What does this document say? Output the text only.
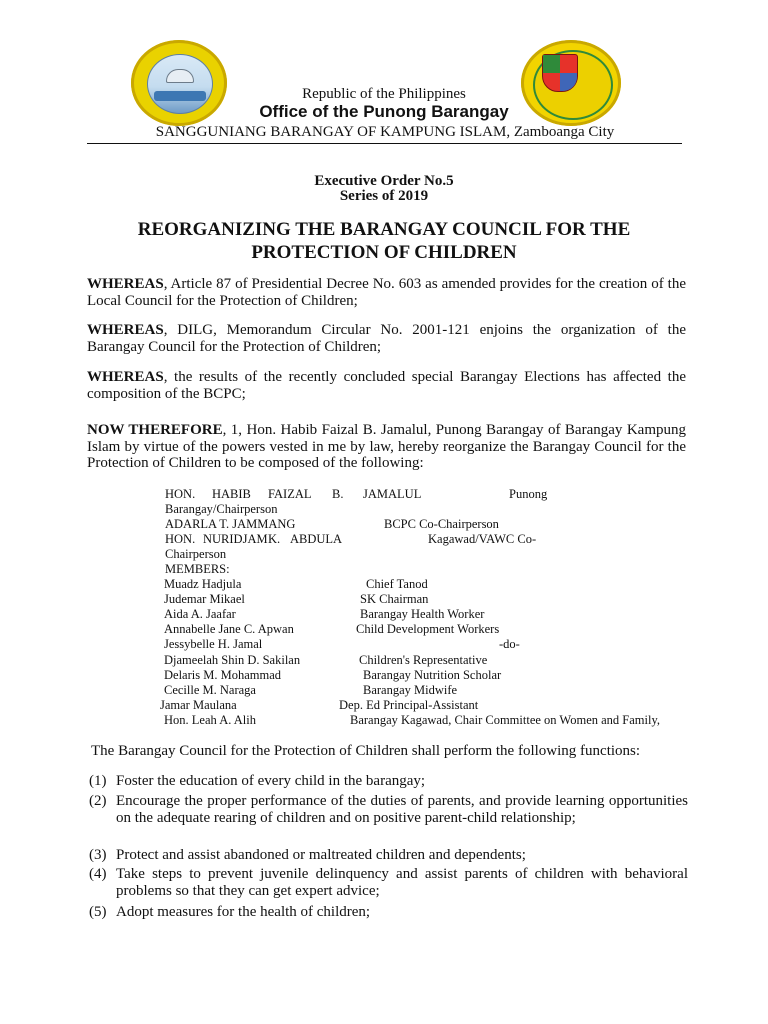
Republic of the Philippines
Office of the Punong Barangay
SANGGUNIANG BARANGAY OF KAMPUNG ISLAM, Zamboanga City
Executive Order No.5
Series of 2019
REORGANIZING THE BARANGAY COUNCIL FOR THE
PROTECTION OF CHILDREN
WHEREAS, Article 87 of Presidential Decree No. 603 as amended provides for the creation of the Local Council for the Protection of Children;
WHEREAS, DILG, Memorandum Circular No. 2001-121 enjoins the organization of the Barangay Council for the Protection of Children;
WHEREAS, the results of the recently concluded special Barangay Elections has affected the composition of the BCPC;
NOW THEREFORE, 1, Hon. Habib Faizal B. Jamalul, Punong Barangay of Barangay Kampung Islam by virtue of the powers vested in me by law, hereby reorganize the Barangay Council for the Protection of Children to be composed of the following:
HON. HABIB FAIZAL B. JAMALUL	Punong
Barangay/Chairperson
ADARLA T. JAMMANG	BCPC Co-Chairperson
HON. NURIDJAM K. ABDULA	Kagawad/VAWC Co-
Chairperson
MEMBERS:
Muadz Hadjula	Chief Tanod
Judemar Mikael	SK Chairman
Aida A. Jaafar	Barangay Health Worker
Annabelle Jane C. Apwan	Child Development Workers
Jessybelle H. Jamal	-do-
Djameelah Shin D. Sakilan	Children's Representative
Delaris M. Mohammad	Barangay Nutrition Scholar
Cecille M. Naraga	Barangay Midwife
Jamar Maulana	Dep. Ed Principal-Assistant
Hon. Leah A. Alih	Barangay Kagawad, Chair Committee on Women and Family,
The Barangay Council for the Protection of Children shall perform the following functions:
(1) Foster the education of every child in the barangay;
(2) Encourage the proper performance of the duties of parents, and provide learning opportunities on the adequate rearing of children and on positive parent-child relationship;
(3) Protect and assist abandoned or maltreated children and dependents;
(4) Take steps to prevent juvenile delinquency and assist parents of children with behavioral problems so that they can get expert advice;
(5) Adopt measures for the health of children;
